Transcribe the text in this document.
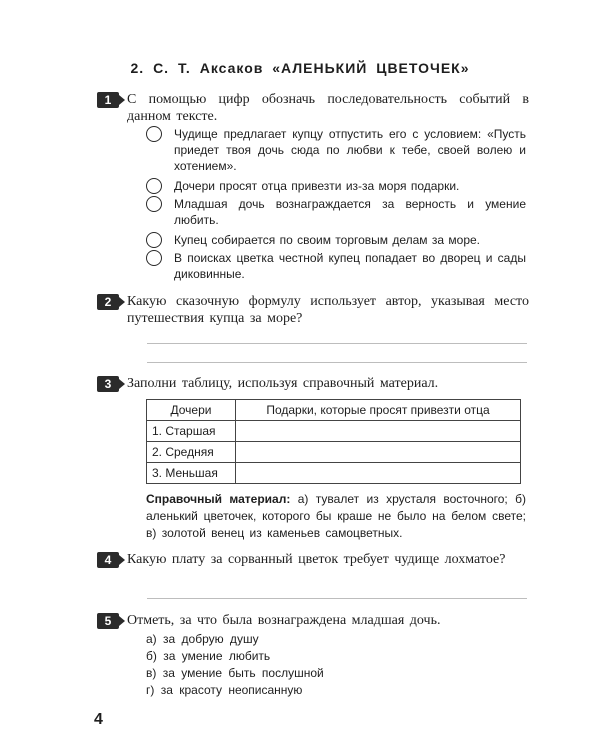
2. С. Т. Аксаков «АЛЕНЬКИЙ ЦВЕТОЧЕК»
1	С помощью цифр обозначь последовательность событий в данном тексте.
Чудище предлагает купцу отпустить его с условием: «Пусть приедет твоя дочь сюда по любви к тебе, своей волею и хотением».
Дочери просят отца привезти из-за моря подарки.
Младшая дочь вознаграждается за верность и умение любить.
Купец собирается по своим торговым делам за море.
В поисках цветка честной купец попадает во дворец и сады диковинные.
2	Какую сказочную формулу использует автор, указывая место путешествия купца за море?
3	Заполни таблицу, используя справочный материал.
Дочери	Подарки, которые просят привезти отца
1. Старшая	
2. Средняя	
3. Меньшая	
Справочный материал: а) тувалет из хрусталя восточного; б) аленький цветочек, которого бы краше не было на белом свете; в) золотой венец из каменьев самоцветных.
4	Какую плату за сорванный цветок требует чудище лохматое?
5	Отметь, за что была вознаграждена младшая дочь.
а) за добрую душу
б) за умение любить
в) за умение быть послушной
г) за красоту неописанную
4
